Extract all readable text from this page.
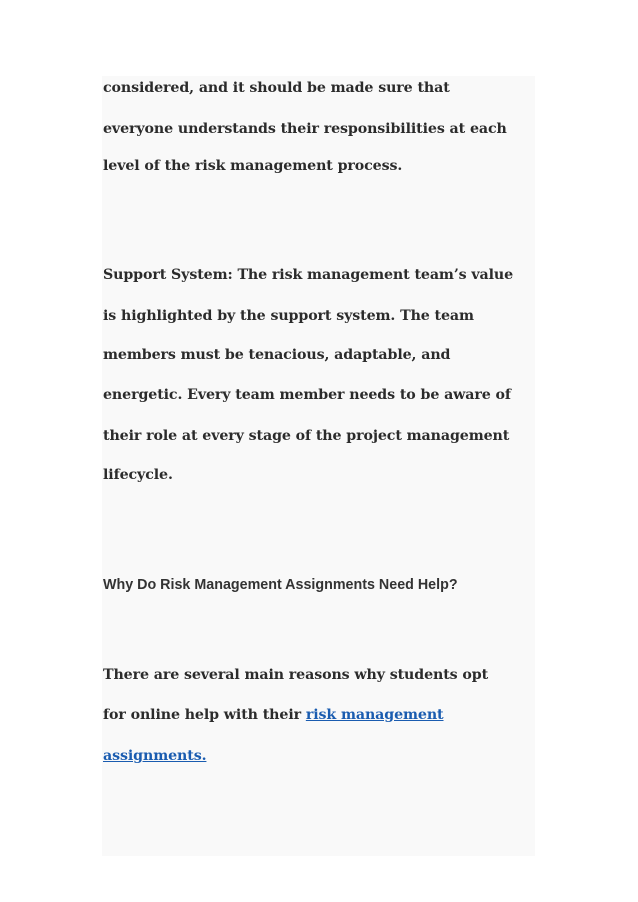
considered, and it should be made sure that

everyone understands their responsibilities at each

level of the risk management process.

Support System: The risk management team’s value

is highlighted by the support system. The team

members must be tenacious, adaptable, and

energetic. Every team member needs to be aware of

their role at every stage of the project management

lifecycle.

Why Do Risk Management Assignments Need Help?

There are several main reasons why students opt

for online help with their risk management

assignments.
